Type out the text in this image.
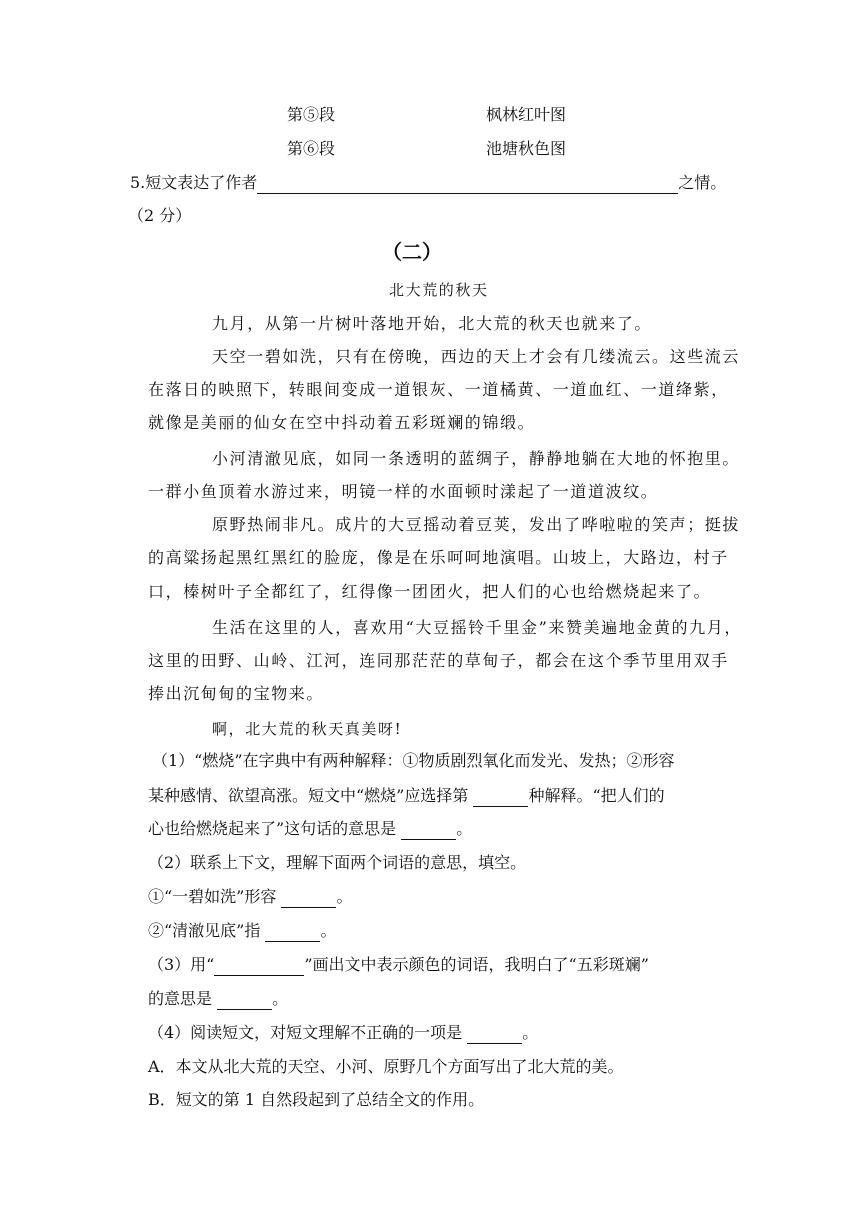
第⑤段	枫林红叶图
第⑥段	池塘秋色图
5.短文表达了作者	之情。
（2 分）
（二）
北大荒的秋天
九月，从第一片树叶落地开始，北大荒的秋天也就来了。
天空一碧如洗，只有在傍晚，西边的天上才会有几缕流云。这些流云
在落日的映照下，转眼间变成一道银灰、一道橘黄、一道血红、一道绛紫，
就像是美丽的仙女在空中抖动着五彩斑斓的锦缎。
小河清澈见底，如同一条透明的蓝绸子，静静地躺在大地的怀抱里。
一群小鱼顶着水游过来，明镜一样的水面顿时漾起了一道道波纹。
原野热闹非凡。成片的大豆摇动着豆荚，发出了哗啦啦的笑声；挺拔
的高粱扬起黑红黑红的脸庞，像是在乐呵呵地演唱。山坡上，大路边，村子
口，榛树叶子全都红了，红得像一团团火，把人们的心也给燃烧起来了。
生活在这里的人，喜欢用“大豆摇铃千里金”来赞美遍地金黄的九月，
这里的田野、山岭、江河，连同那茫茫的草甸子，都会在这个季节里用双手
捧出沉甸甸的宝物来。
啊，北大荒的秋天真美呀!
（1）“燃烧”在字典中有两种解释：①物质剧烈氧化而发光、发热；②形容
某种感情、欲望高涨。短文中“燃烧”应选择第	种解释。“把人们的
心也给燃烧起来了”这句话的意思是	。
（2）联系上下文，理解下面两个词语的意思，填空。
①“一碧如洗”形容	。
②“清澈见底”指	。
（3）用“	”画出文中表示颜色的词语，我明白了“五彩斑斓”
的意思是	。
（4）阅读短文，对短文理解不正确的一项是	。
A．本文从北大荒的天空、小河、原野几个方面写出了北大荒的美。
B．短文的第 1 自然段起到了总结全文的作用。
